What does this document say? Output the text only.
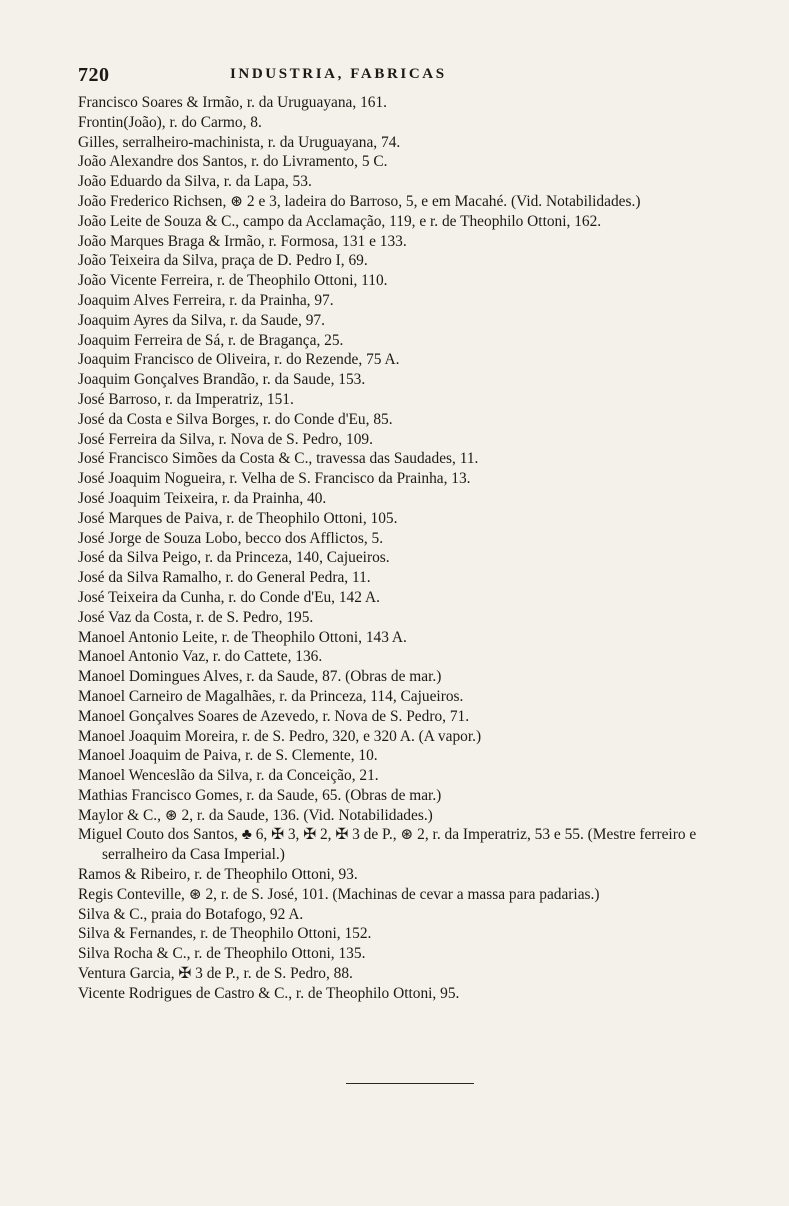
720	INDUSTRIA, FABRICAS
Francisco Soares & Irmão, r. da Uruguayana, 161.
Frontin(João), r. do Carmo, 8.
Gilles, serralheiro-machinista, r. da Uruguayana, 74.
João Alexandre dos Santos, r. do Livramento, 5 C.
João Eduardo da Silva, r. da Lapa, 53.
João Frederico Richsen, ⊛ 2 e 3, ladeira do Barroso, 5, e em Macahé. (Vid. Notabilidades.)
João Leite de Souza & C., campo da Acclamação, 119, e r. de Theophilo Ottoni, 162.
João Marques Braga & Irmão, r. Formosa, 131 e 133.
João Teixeira da Silva, praça de D. Pedro I, 69.
João Vicente Ferreira, r. de Theophilo Ottoni, 110.
Joaquim Alves Ferreira, r. da Prainha, 97.
Joaquim Ayres da Silva, r. da Saude, 97.
Joaquim Ferreira de Sá, r. de Bragança, 25.
Joaquim Francisco de Oliveira, r. do Rezende, 75 A.
Joaquim Gonçalves Brandão, r. da Saude, 153.
José Barroso, r. da Imperatriz, 151.
José da Costa e Silva Borges, r. do Conde d'Eu, 85.
José Ferreira da Silva, r. Nova de S. Pedro, 109.
José Francisco Simões da Costa & C., travessa das Saudades, 11.
José Joaquim Nogueira, r. Velha de S. Francisco da Prainha, 13.
José Joaquim Teixeira, r. da Prainha, 40.
José Marques de Paiva, r. de Theophilo Ottoni, 105.
José Jorge de Souza Lobo, becco dos Afflictos, 5.
José da Silva Peigo, r. da Princeza, 140, Cajueiros.
José da Silva Ramalho, r. do General Pedra, 11.
José Teixeira da Cunha, r. do Conde d'Eu, 142 A.
José Vaz da Costa, r. de S. Pedro, 195.
Manoel Antonio Leite, r. de Theophilo Ottoni, 143 A.
Manoel Antonio Vaz, r. do Cattete, 136.
Manoel Domingues Alves, r. da Saude, 87. (Obras de mar.)
Manoel Carneiro de Magalhães, r. da Princeza, 114, Cajueiros.
Manoel Gonçalves Soares de Azevedo, r. Nova de S. Pedro, 71.
Manoel Joaquim Moreira, r. de S. Pedro, 320, e 320 A. (A vapor.)
Manoel Joaquim de Paiva, r. de S. Clemente, 10.
Manoel Wenceslão da Silva, r. da Conceição, 21.
Mathias Francisco Gomes, r. da Saude, 65. (Obras de mar.)
Maylor & C., ⊛ 2, r. da Saude, 136. (Vid. Notabilidades.)
Miguel Couto dos Santos, ♣ 6, ✠ 3, ✠ 2, ✠ 3 de P., ⊛ 2, r. da Imperatriz, 53 e 55. (Mestre ferreiro e serralheiro da Casa Imperial.)
Ramos & Ribeiro, r. de Theophilo Ottoni, 93.
Regis Conteville, ⊛ 2, r. de S. José, 101. (Machinas de cevar a massa para padarias.)
Silva & C., praia do Botafogo, 92 A.
Silva & Fernandes, r. de Theophilo Ottoni, 152.
Silva Rocha & C., r. de Theophilo Ottoni, 135.
Ventura Garcia, ✠ 3 de P., r. de S. Pedro, 88.
Vicente Rodrigues de Castro & C., r. de Theophilo Ottoni, 95.
